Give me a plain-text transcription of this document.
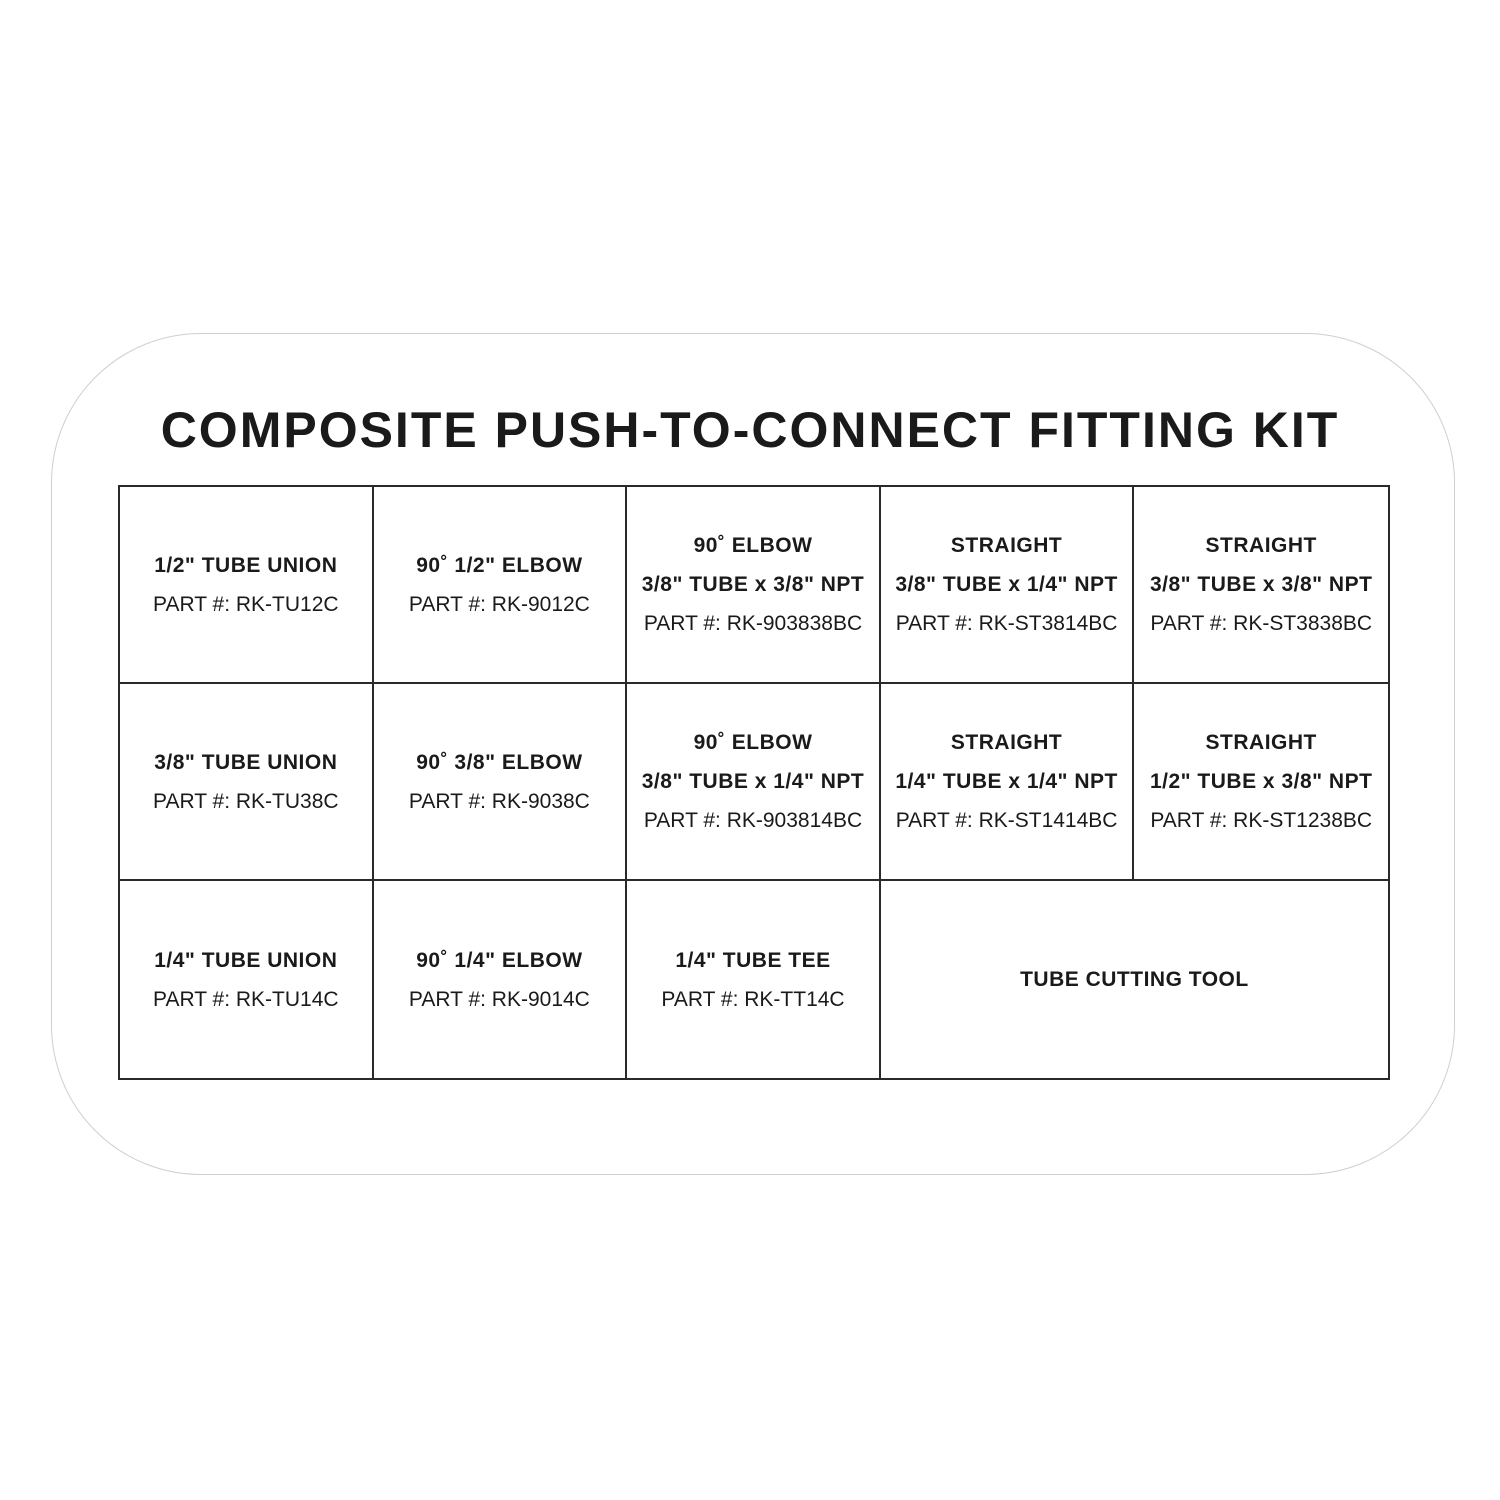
COMPOSITE PUSH-TO-CONNECT FITTING KIT
1/2" TUBE UNION
PART #: RK-TU12C
90˚ 1/2" ELBOW
PART #: RK-9012C
90˚ ELBOW
3/8" TUBE x 3/8" NPT
PART #: RK-903838BC
STRAIGHT
3/8" TUBE x 1/4" NPT
PART #: RK-ST3814BC
STRAIGHT
3/8" TUBE x 3/8" NPT
PART #: RK-ST3838BC
3/8" TUBE UNION
PART #: RK-TU38C
90˚ 3/8" ELBOW
PART #: RK-9038C
90˚ ELBOW
3/8" TUBE x 1/4" NPT
PART #: RK-903814BC
STRAIGHT
1/4" TUBE x 1/4" NPT
PART #: RK-ST1414BC
STRAIGHT
1/2" TUBE x 3/8" NPT
PART #: RK-ST1238BC
1/4" TUBE UNION
PART #: RK-TU14C
90˚ 1/4" ELBOW
PART #: RK-9014C
1/4" TUBE TEE
PART #: RK-TT14C
TUBE CUTTING TOOL
